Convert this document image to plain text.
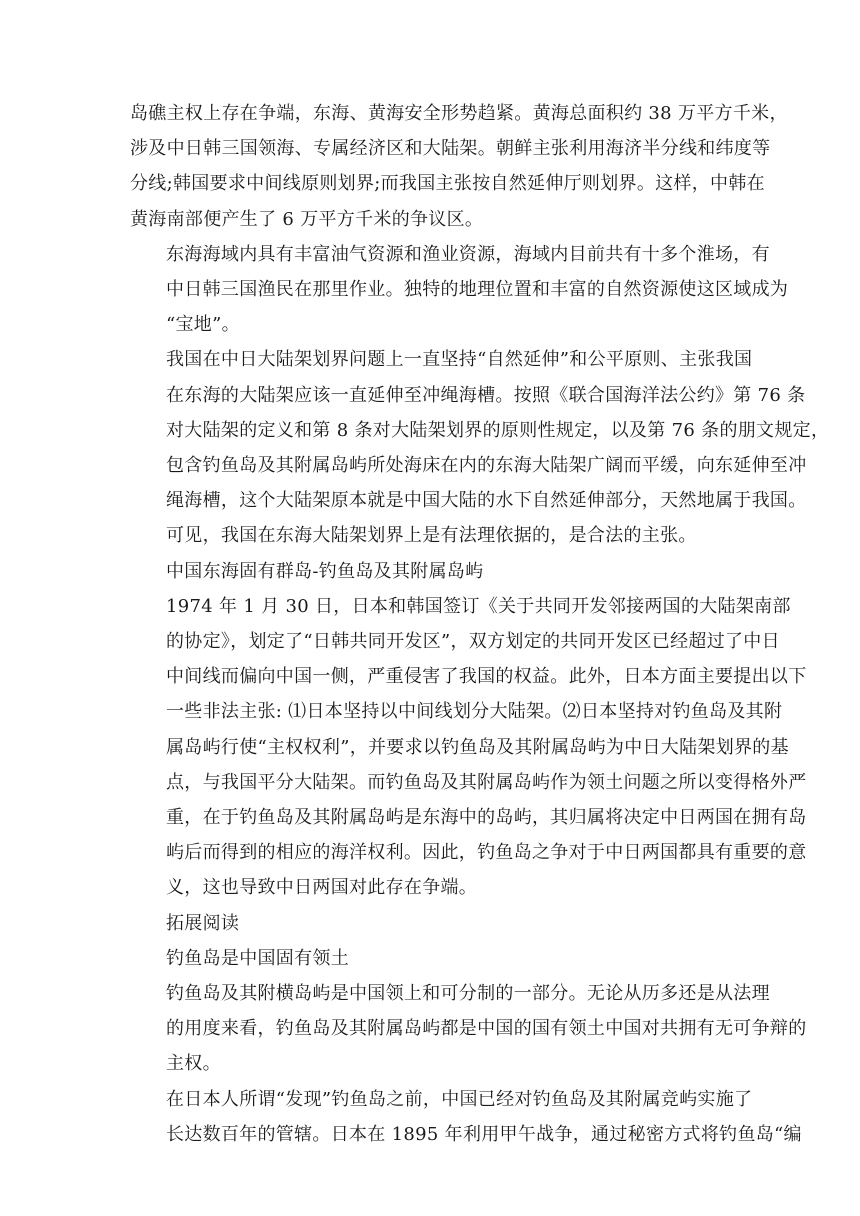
岛礁主权上存在争端，东海、黄海安全形势趋紧。黄海总面积约 38 万平方千米，
涉及中日韩三国领海、专属经济区和大陆架。朝鲜主张利用海济半分线和纬度等
分线;韩国要求中间线原则划界;而我国主张按自然延伸厅则划界。这样，中韩在
黄海南部便产生了 6 万平方千米的争议区。

东海海域内具有丰富油气资源和渔业资源，海域内目前共有十多个淮场，有
中日韩三国渔民在那里作业。独特的地理位置和丰富的自然资源使这区域成为
“宝地”。

我国在中日大陆架划界问题上一直坚持“自然延伸”和公平原则、主张我国
在东海的大陆架应该一直延伸至冲绳海槽。按照《联合国海洋法公约》第 76 条
对大陆架的定义和第 8 条对大陆架划界的原则性规定，以及第 76 条的朋文规定，
包含钓鱼岛及其附属岛屿所处海床在内的东海大陆架广阔而平缓，向东延伸至冲
绳海槽，这个大陆架原本就是中国大陆的水下自然延伸部分，天然地属于我国。
可见，我国在东海大陆架划界上是有法理依据的，是合法的主张。

中国东海固有群岛-钓鱼岛及其附属岛屿

1974 年 1 月 30 日，日本和韩国签订《关于共同开发邻接两国的大陆架南部
的协定》，划定了“日韩共同开发区”，双方划定的共同开发区已经超过了中日
中间线而偏向中国一侧，严重侵害了我国的权益。此外，日本方面主要提出以下
一些非法主张: ⑴日本坚持以中间线划分大陆架。⑵日本坚持对钓鱼岛及其附
属岛屿行使“主权权利”，并要求以钓鱼岛及其附属岛屿为中日大陆架划界的基
点，与我国平分大陆架。而钓鱼岛及其附属岛屿作为领土问题之所以变得格外严
重，在于钓鱼岛及其附属岛屿是东海中的岛屿，其归属将决定中日两国在拥有岛
屿后而得到的相应的海洋权利。因此，钓鱼岛之争对于中日两国都具有重要的意
义，这也导致中日两国对此存在争端。

拓展阅读

钓鱼岛是中国固有领土

钓鱼岛及其附横岛屿是中国领上和可分制的一部分。无论从历多还是从法理
的用度来看，钓鱼岛及其附属岛屿都是中国的国有领土中国对共拥有无可争辩的
主权。

在日本人所谓“发现”钓鱼岛之前，中国已经对钓鱼岛及其附属竞屿实施了
长达数百年的管辖。日本在 1895 年利用甲午战争，通过秘密方式将钓鱼岛“编
